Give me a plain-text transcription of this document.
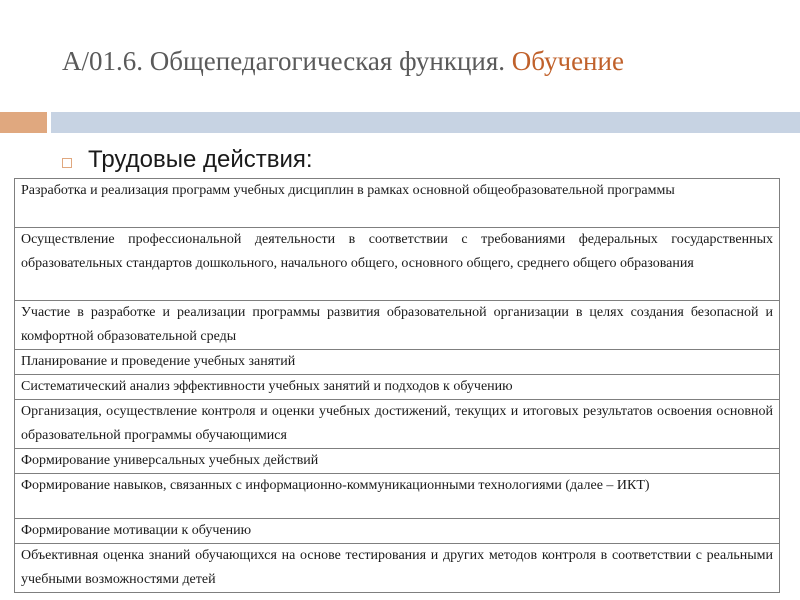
А/01.6. Общепедагогическая функция. Обучение
Трудовые действия:
Разработка и реализация программ учебных дисциплин в рамках основной общеобразовательной программы
Осуществление профессиональной деятельности в соответствии с требованиями федеральных государственных образовательных стандартов дошкольного, начального общего, основного общего, среднего общего образования
Участие в разработке и реализации программы развития образовательной организации в целях создания безопасной и комфортной образовательной среды
Планирование и проведение учебных занятий
Систематический анализ эффективности учебных занятий и подходов к обучению
Организация, осуществление контроля и оценки учебных достижений, текущих и итоговых результатов освоения основной образовательной программы обучающимися
Формирование универсальных учебных действий
Формирование навыков, связанных с информационно-коммуникационными технологиями (далее – ИКТ)
Формирование мотивации к обучению
Объективная оценка знаний обучающихся на основе тестирования и других методов контроля в соответствии с реальными учебными возможностями детей
